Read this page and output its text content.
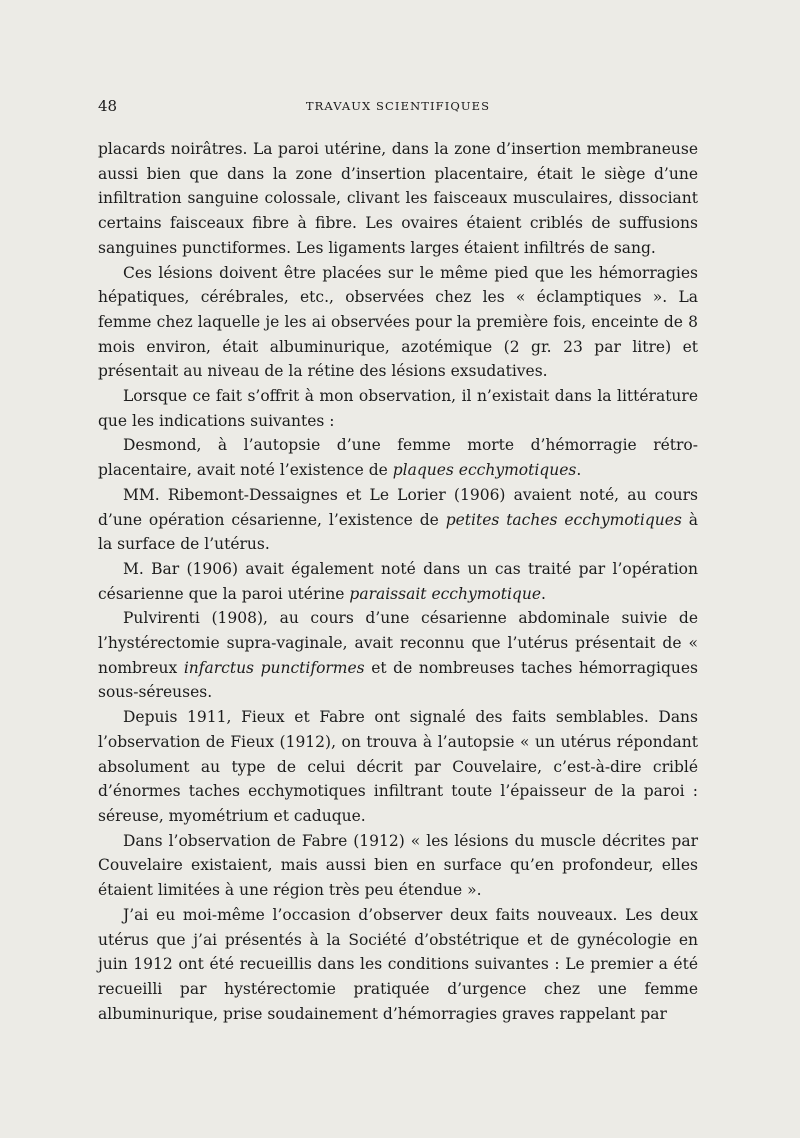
48	TRAVAUX SCIENTIFIQUES

placards noirâtres. La paroi utérine, dans la zone d’insertion membraneuse aussi bien que dans la zone d’insertion placentaire, était le siège d’une infiltration sanguine colossale, clivant les faisceaux musculaires, dissociant certains faisceaux fibre à fibre. Les ovaires étaient criblés de suffusions sanguines punctiformes. Les ligaments larges étaient infiltrés de sang.

Ces lésions doivent être placées sur le même pied que les hémorragies hépatiques, cérébrales, etc., observées chez les « éclamptiques ». La femme chez laquelle je les ai observées pour la première fois, enceinte de 8 mois environ, était albuminurique, azotémique (2 gr. 23 par litre) et présentait au niveau de la rétine des lésions exsudatives.

Lorsque ce fait s’offrit à mon observation, il n’existait dans la littérature que les indications suivantes :

Desmond, à l’autopsie d’une femme morte d’hémorragie rétro-placentaire, avait noté l’existence de plaques ecchymotiques.

MM. Ribemont-Dessaignes et Le Lorier (1906) avaient noté, au cours d’une opération césarienne, l’existence de petites taches ecchymotiques à la surface de l’utérus.

M. Bar (1906) avait également noté dans un cas traité par l’opération césarienne que la paroi utérine paraissait ecchymotique.

Pulvirenti (1908), au cours d’une césarienne abdominale suivie de l’hystérectomie supra-vaginale, avait reconnu que l’utérus présentait de « nombreux infarctus punctiformes et de nombreuses taches hémorragiques sous-séreuses.

Depuis 1911, Fieux et Fabre ont signalé des faits semblables. Dans l’observation de Fieux (1912), on trouva à l’autopsie « un utérus répondant absolument au type de celui décrit par Couvelaire, c’est-à-dire criblé d’énormes taches ecchymotiques infiltrant toute l’épaisseur de la paroi : séreuse, myométrium et caduque.

Dans l’observation de Fabre (1912) « les lésions du muscle décrites par Couvelaire existaient, mais aussi bien en surface qu’en profondeur, elles étaient limitées à une région très peu étendue ».

J’ai eu moi-même l’occasion d’observer deux faits nouveaux. Les deux utérus que j’ai présentés à la Société d’obstétrique et de gynécologie en juin 1912 ont été recueillis dans les conditions suivantes : Le premier a été recueilli par hystérectomie pratiquée d’urgence chez une femme albuminurique, prise soudainement d’hémorragies graves rappelant par
